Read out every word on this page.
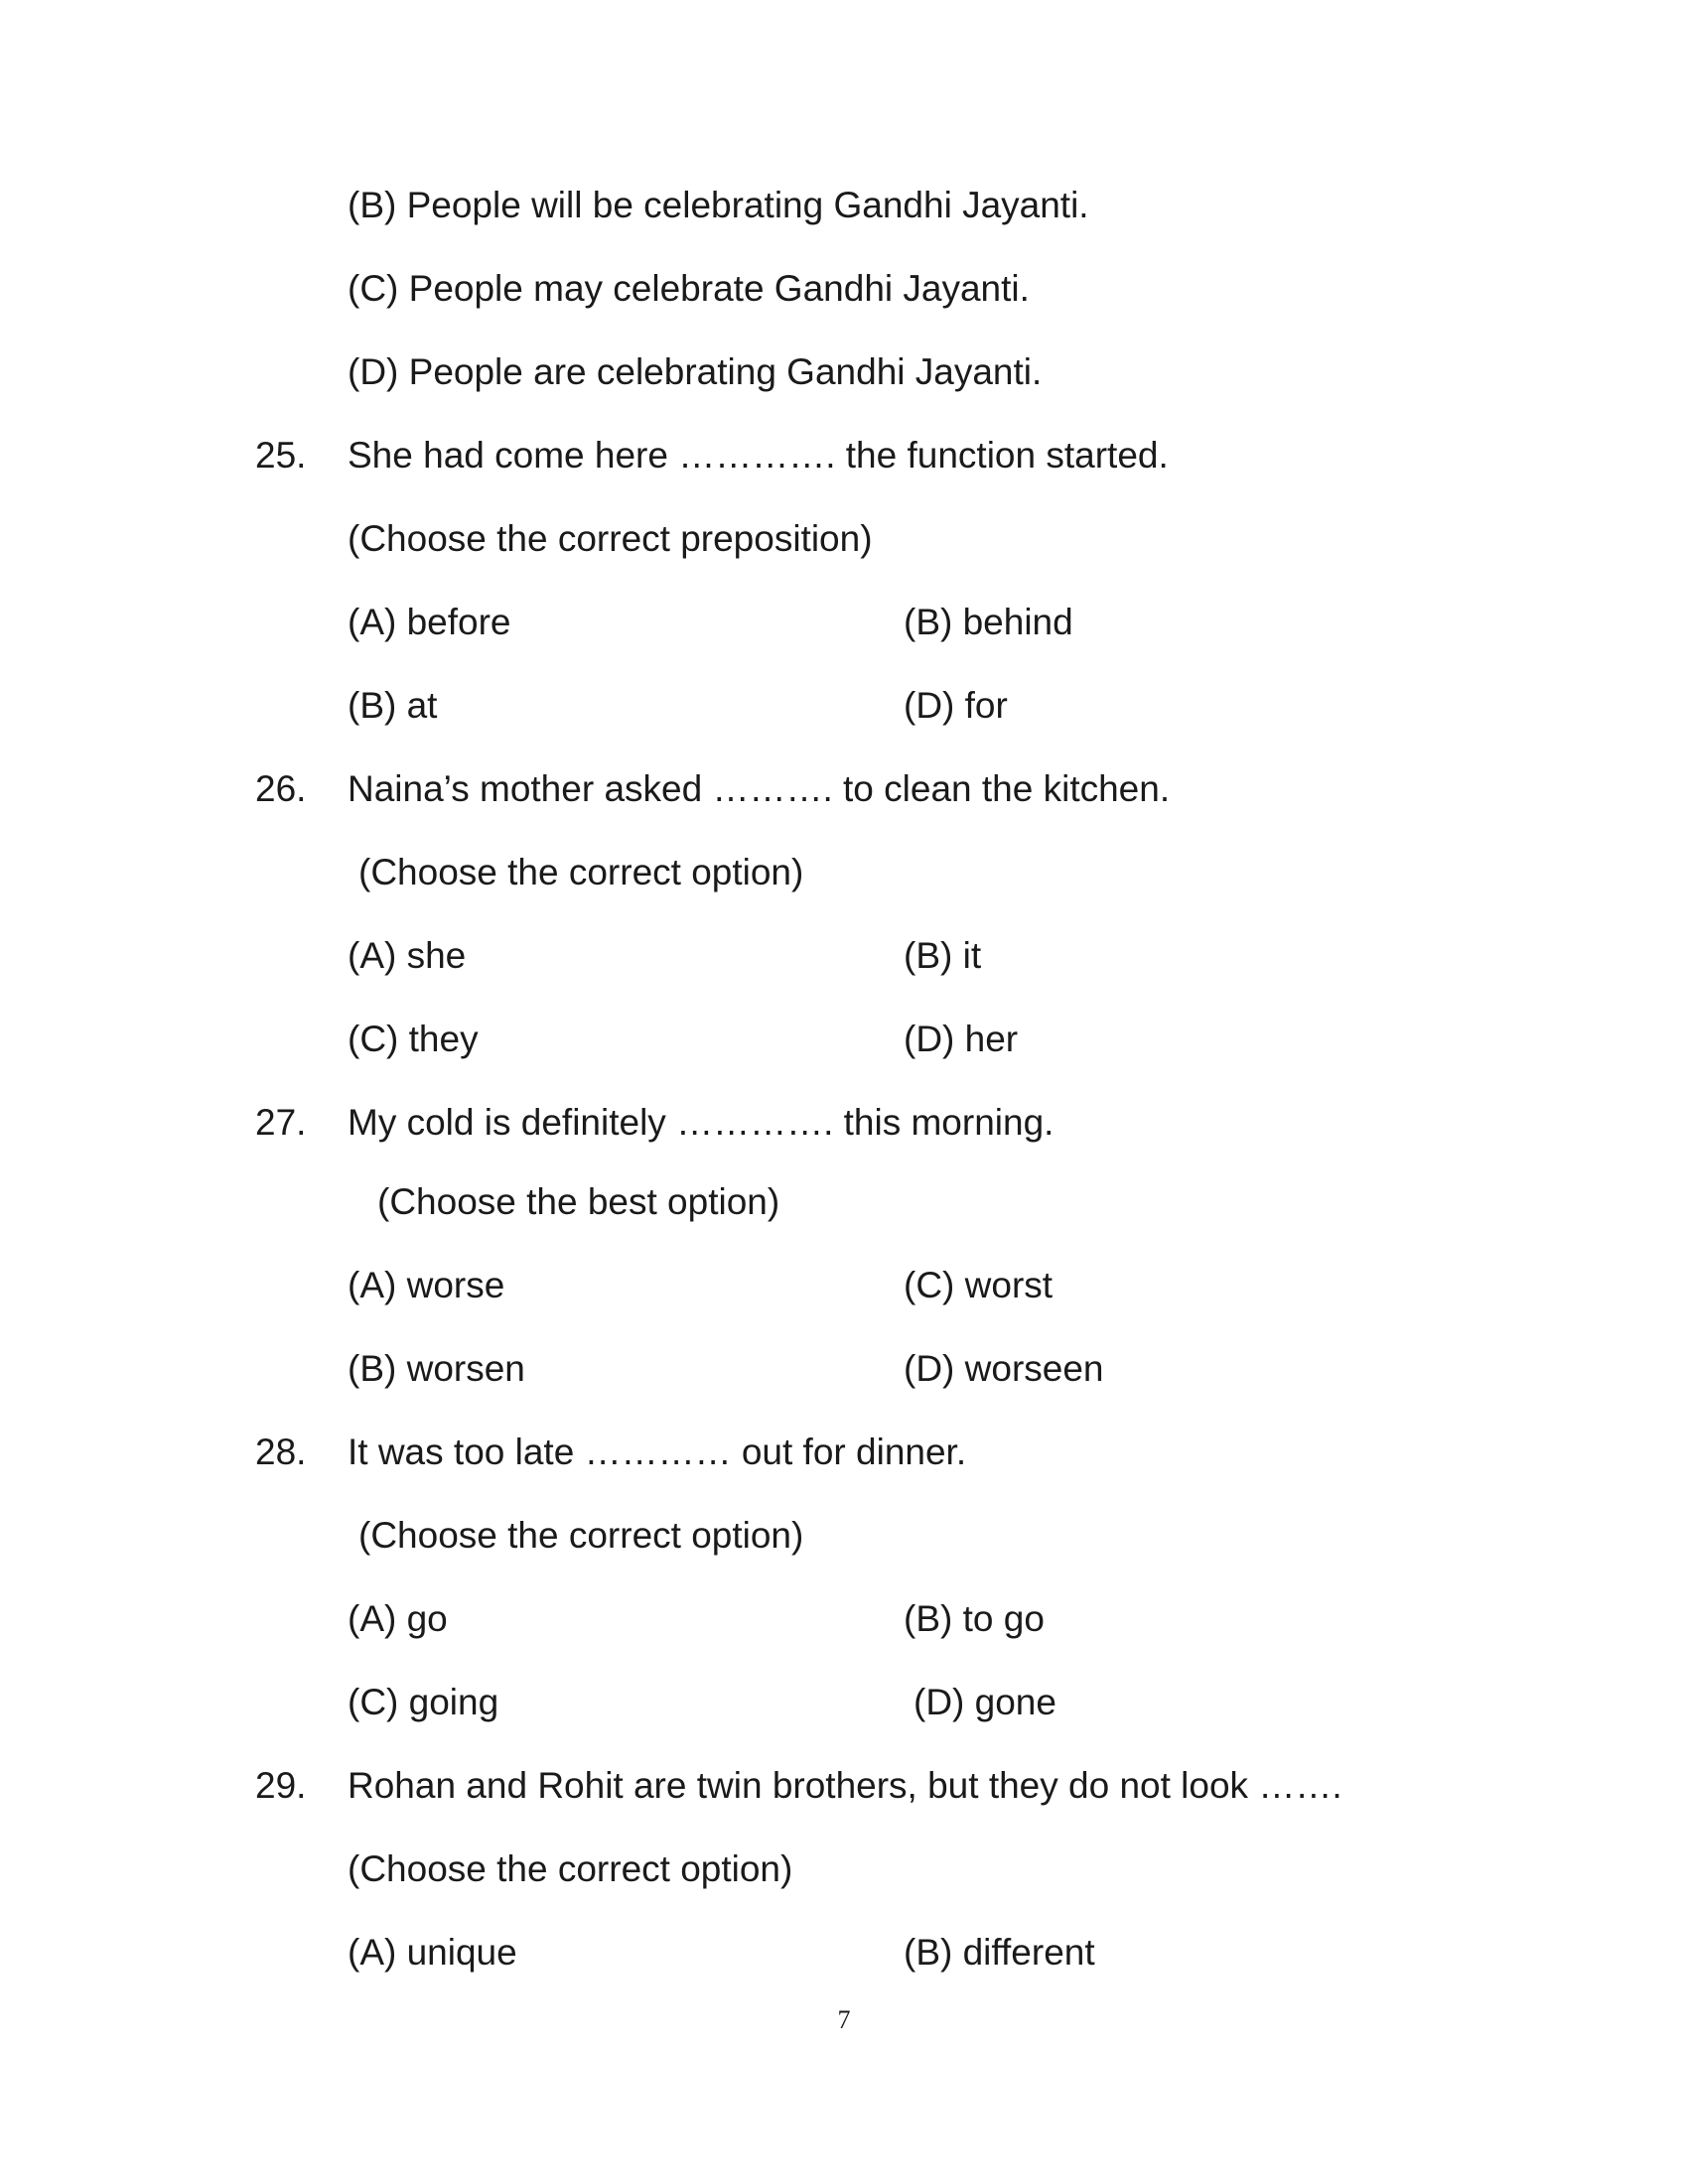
(B) People will be celebrating Gandhi Jayanti.
(C) People may celebrate Gandhi Jayanti.
(D) People are celebrating Gandhi Jayanti.
25. She had come here …………. the function started.
(Choose the correct preposition)
(A) before	(B) behind
(B) at	(D) for
26. Naina’s mother asked ………. to clean the kitchen.
(Choose the correct option)
(A) she	(B) it
(C) they	(D) her
27. My cold is definitely …………. this morning.
(Choose the best option)
(A) worse	(C) worst
(B) worsen	(D) worseen
28. It was too late ………… out for dinner.
(Choose the correct option)
(A) go	(B) to go
(C) going	(D) gone
29. Rohan and Rohit are twin brothers, but they do not look …….
(Choose the correct option)
(A) unique	(B) different
7
